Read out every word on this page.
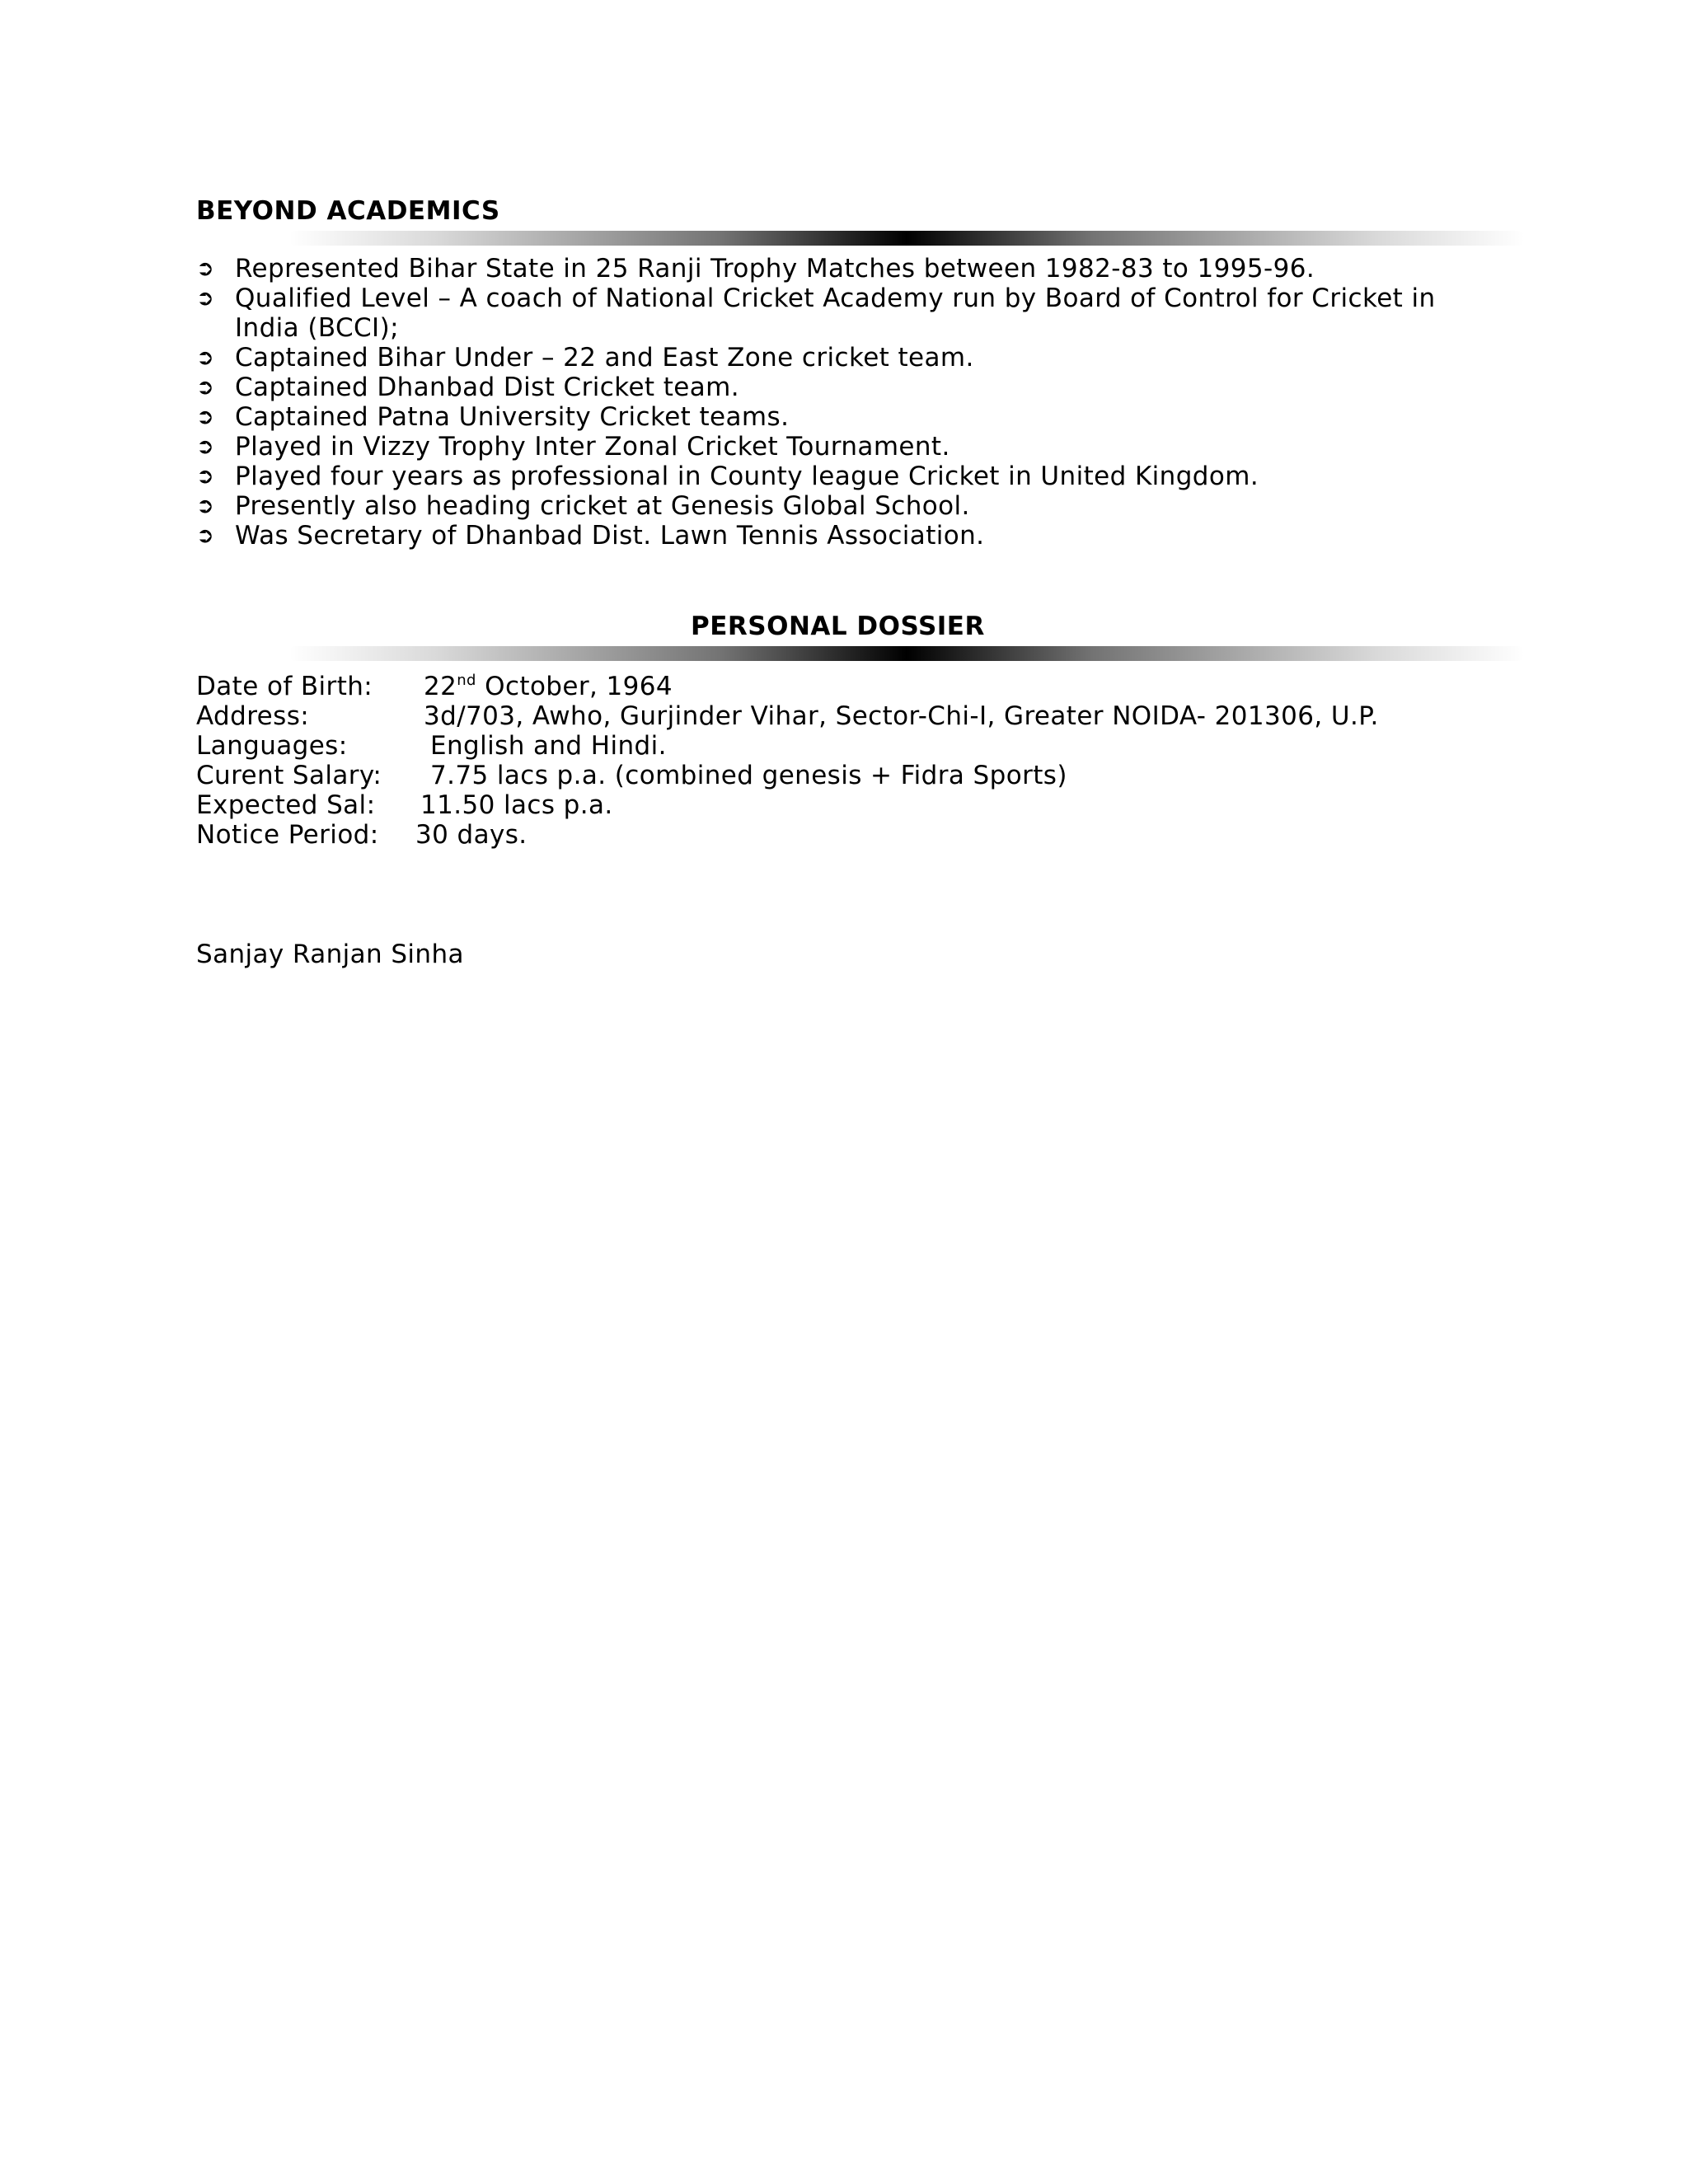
BEYOND ACADEMICS
➲ Represented Bihar State in 25 Ranji Trophy Matches between 1982-83 to 1995-96.
➲ Qualified Level – A coach of National Cricket Academy run by Board of Control for Cricket in India (BCCI);
➲ Captained Bihar Under – 22 and East Zone cricket team.
➲ Captained Dhanbad Dist Cricket team.
➲ Captained Patna University Cricket teams.
➲ Played in Vizzy Trophy Inter Zonal Cricket Tournament.
➲ Played four years as professional in County league Cricket in United Kingdom.
➲ Presently also heading cricket at Genesis Global School.
➲ Was Secretary of Dhanbad Dist. Lawn Tennis Association.
PERSONAL DOSSIER
Date of Birth: 22nd October, 1964
Address:	3d/703, Awho, Gurjinder Vihar, Sector-Chi-I, Greater NOIDA- 201306, U.P.
Languages:	English and Hindi.
Curent Salary: 7.75 lacs p.a. (combined genesis + Fidra Sports)
Expected Sal: 11.50 lacs p.a.
Notice Period: 30 days.
Sanjay Ranjan Sinha
